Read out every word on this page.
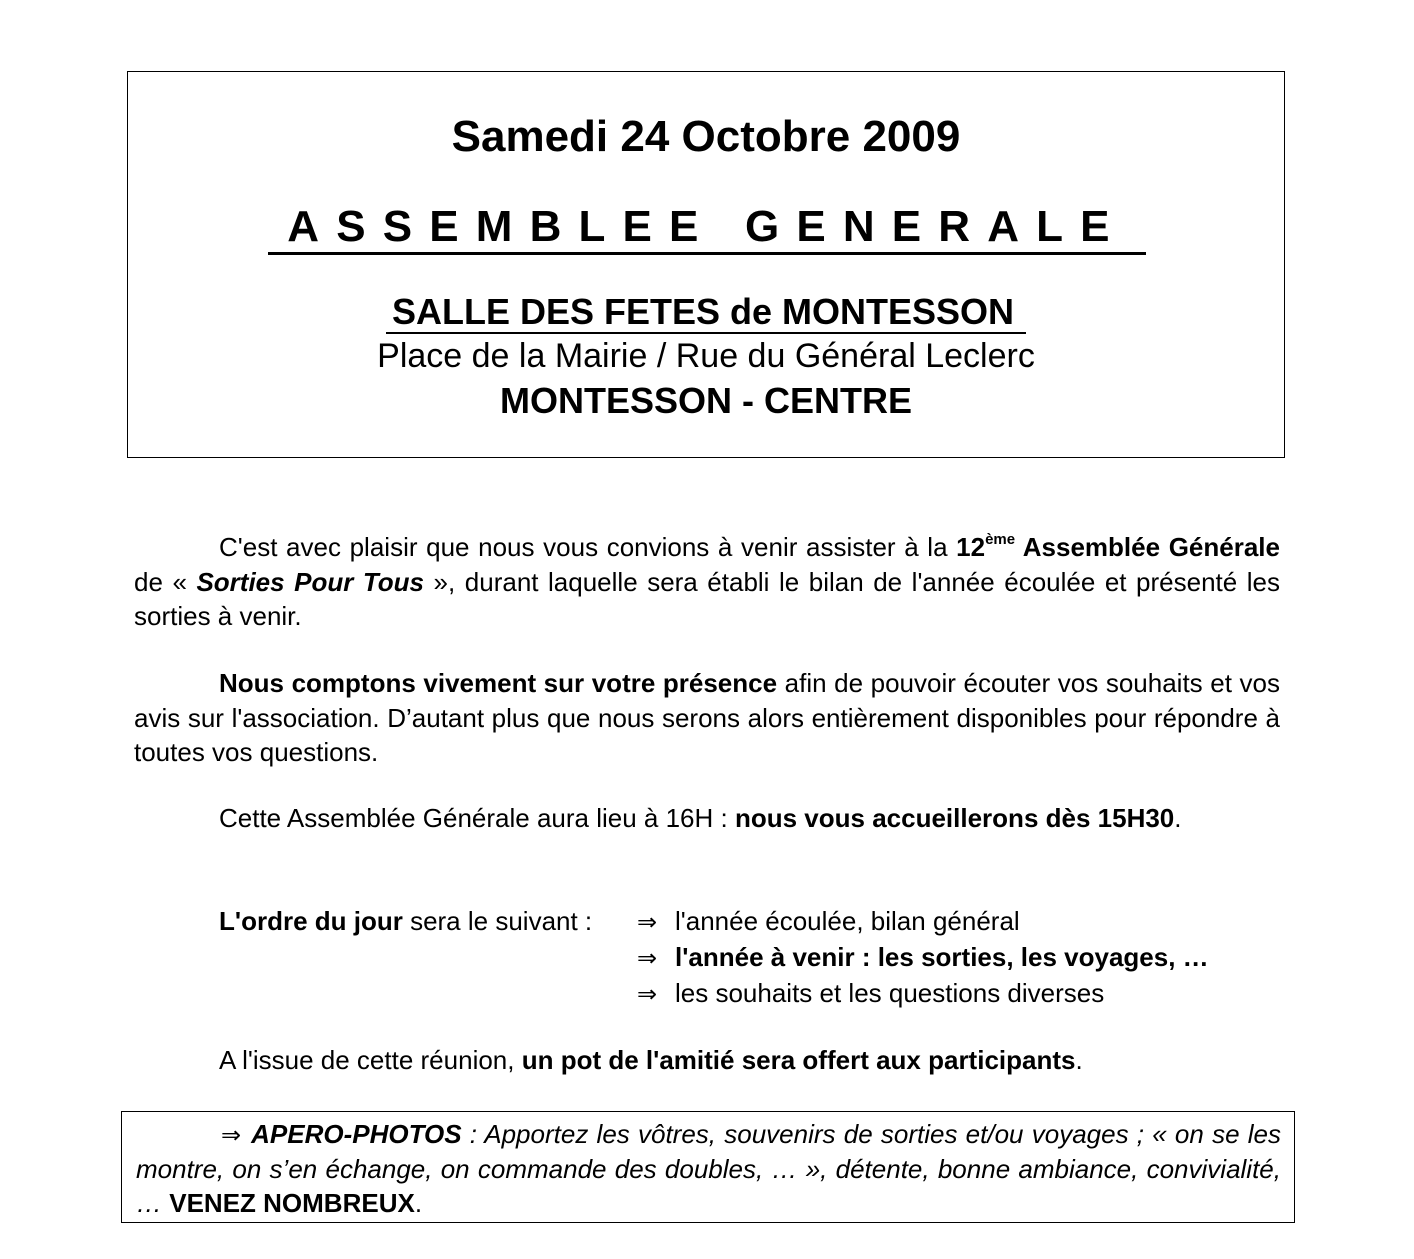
Samedi 24 Octobre 2009
ASSEMBLEE GENERALE
SALLE DES FETES de MONTESSON
Place de la Mairie / Rue du Général Leclerc
MONTESSON - CENTRE

C'est avec plaisir que nous vous convions à venir assister à la 12ème Assemblée Générale de « Sorties Pour Tous », durant laquelle sera établi le bilan de l'année écoulée et présenté les sorties à venir.

Nous comptons vivement sur votre présence afin de pouvoir écouter vos souhaits et vos avis sur l'association. D’autant plus que nous serons alors entièrement disponibles pour répondre à toutes vos questions.

Cette Assemblée Générale aura lieu à 16H : nous vous accueillerons dès 15H30.

L'ordre du jour sera le suivant : ⇒ l'année écoulée, bilan général
⇒ l'année à venir : les sorties, les voyages, …
⇒ les souhaits et les questions diverses

A l'issue de cette réunion, un pot de l'amitié sera offert aux participants.

⇒ APERO-PHOTOS : Apportez les vôtres, souvenirs de sorties et/ou voyages ; « on se les montre, on s’en échange, on commande des doubles, … », détente, bonne ambiance, convivialité, … VENEZ NOMBREUX.
